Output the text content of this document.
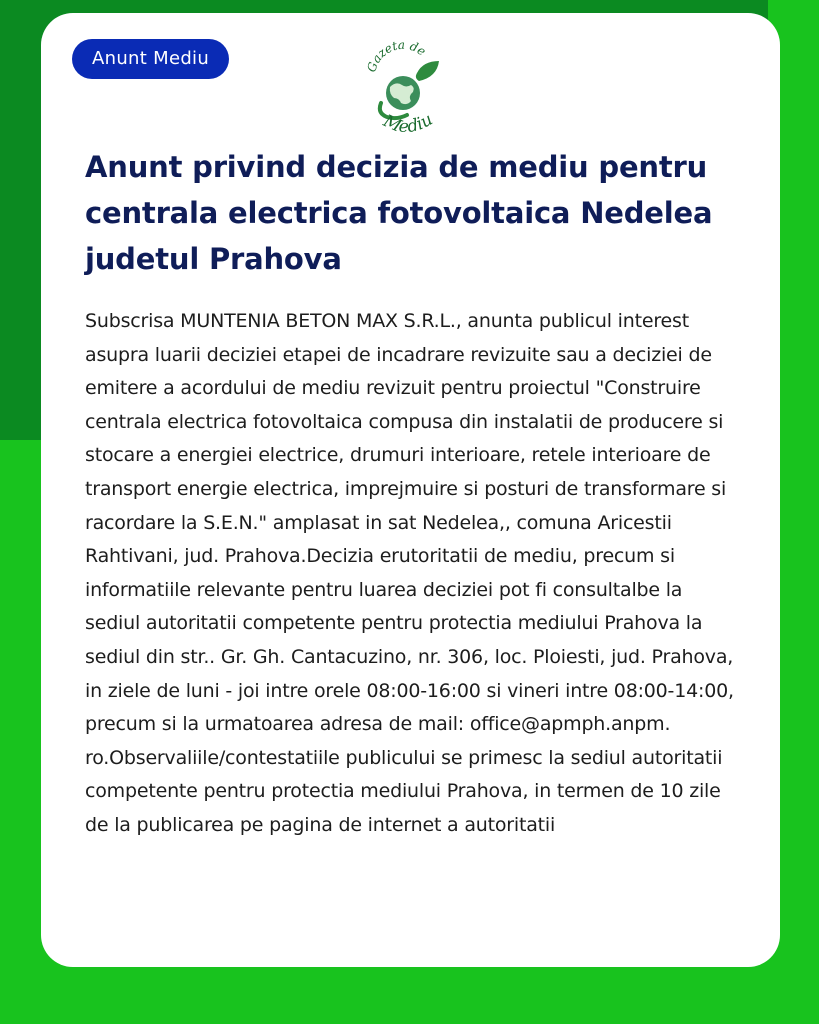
Anunt Mediu	Gazeta de
Mediu
Anunt privind decizia de mediu pentru centrala electrica fotovoltaica Nedelea judetul Prahova

Subscrisa MUNTENIA BETON MAX S.R.L., anunta publicul interest asupra luarii deciziei etapei de incadrare revizuite sau a deciziei de emitere a acordului de mediu revizuit pentru proiectul "Construire centrala electrica fotovoltaica compusa din instalatii de producere si stocare a energiei electrice, drumuri interioare, retele interioare de transport energie electrica, imprejmuire si posturi de transformare si racordare la S.E.N." amplasat in sat Nedelea,, comuna Aricestii Rahtivani, jud. Prahova.Decizia erutoritatii de mediu, precum si informatiile relevante pentru luarea deciziei pot fi consultalbe la sediul autoritatii competente pentru protectia mediului Prahova la sediul din str.. Gr. Gh. Cantacuzino, nr. 306, loc. Ploiesti, jud. Prahova, in ziele de luni - joi intre orele 08:00-16:00 si vineri intre 08:00-14:00, precum si la urmatoarea adresa de mail: office@apmph.anpm. ro.Observaliile/contestatiile publicului se primesc la sediul autoritatii competente pentru protectia mediului Prahova, in termen de 10 zile de la publicarea pe pagina de internet a autoritatii
